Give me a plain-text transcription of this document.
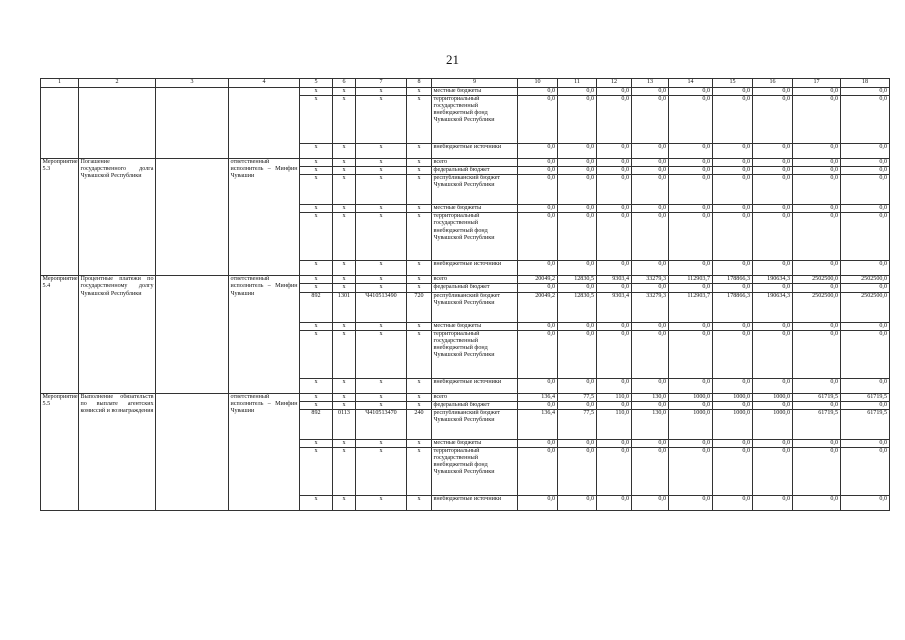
21
1	2	3	4	5	6	7	8	9	10	11	12	13	14	15	16	17	18
				х	х	х	х	местные бюджеты	0,0	0,0	0,0	0,0	0,0	0,0	0,0	0,0	0,0
				х	х	х	х	территориальный государственный внебюджетный фонд Чувашской Республики	0,0	0,0	0,0	0,0	0,0	0,0	0,0	0,0	0,0
				х	х	х	х	внебюджетные источники	0,0	0,0	0,0	0,0	0,0	0,0	0,0	0,0	0,0
Мероприятие 5.3	Погашение государственного долга Чувашской Республики		ответственный исполнитель – Минфин Чувашии	х	х	х	х	всего	0,0	0,0	0,0	0,0	0,0	0,0	0,0	0,0	0,0
				х	х	х	х	федеральный бюджет	0,0	0,0	0,0	0,0	0,0	0,0	0,0	0,0	0,0
				х	х	х	х	республиканский бюджет Чувашской Республики	0,0	0,0	0,0	0,0	0,0	0,0	0,0	0,0	0,0
				х	х	х	х	местные бюджеты	0,0	0,0	0,0	0,0	0,0	0,0	0,0	0,0	0,0
				х	х	х	х	территориальный государственный внебюджетный фонд Чувашской Республики	0,0	0,0	0,0	0,0	0,0	0,0	0,0	0,0	0,0
				х	х	х	х	внебюджетные источники	0,0	0,0	0,0	0,0	0,0	0,0	0,0	0,0	0,0
Мероприятие 5.4	Процентные платежи по государственному долгу Чувашской Республики		ответственный исполнитель – Минфин Чувашии	х	х	х	х	всего	20049,2	12830,5	9303,4	33279,3	112903,7	178866,3	190634,3	2502500,0	2502500,0
				х	х	х	х	федеральный бюджет	0,0	0,0	0,0	0,0	0,0	0,0	0,0	0,0	0,0
				892	1301	Ч410513490	720	республиканский бюджет Чувашской Республики	20049,2	12830,5	9303,4	33279,3	112903,7	178866,3	190634,3	2502500,0	2502500,0
				х	х	х	х	местные бюджеты	0,0	0,0	0,0	0,0	0,0	0,0	0,0	0,0	0,0
				х	х	х	х	территориальный государственный внебюджетный фонд Чувашской Республики	0,0	0,0	0,0	0,0	0,0	0,0	0,0	0,0	0,0
				х	х	х	х	внебюджетные источники	0,0	0,0	0,0	0,0	0,0	0,0	0,0	0,0	0,0
Мероприятие 5.5	Выполнение обязательств по выплате агентских комиссий и вознаграждения		ответственный исполнитель – Минфин Чувашии	х	х	х	х	всего	136,4	77,5	110,0	130,0	1000,0	1000,0	1000,0	61719,5	61719,5
				х	х	х	х	федеральный бюджет	0,0	0,0	0,0	0,0	0,0	0,0	0,0	0,0	0,0
				892	0113	Ч410513470	240	республиканский бюджет Чувашской Республики	136,4	77,5	110,0	130,0	1000,0	1000,0	1000,0	61719,5	61719,5
				х	х	х	х	местные бюджеты	0,0	0,0	0,0	0,0	0,0	0,0	0,0	0,0	0,0
				х	х	х	х	территориальный государственный внебюджетный фонд Чувашской Республики	0,0	0,0	0,0	0,0	0,0	0,0	0,0	0,0	0,0
				х	х	х	х	внебюджетные источники	0,0	0,0	0,0	0,0	0,0	0,0	0,0	0,0	0,0
